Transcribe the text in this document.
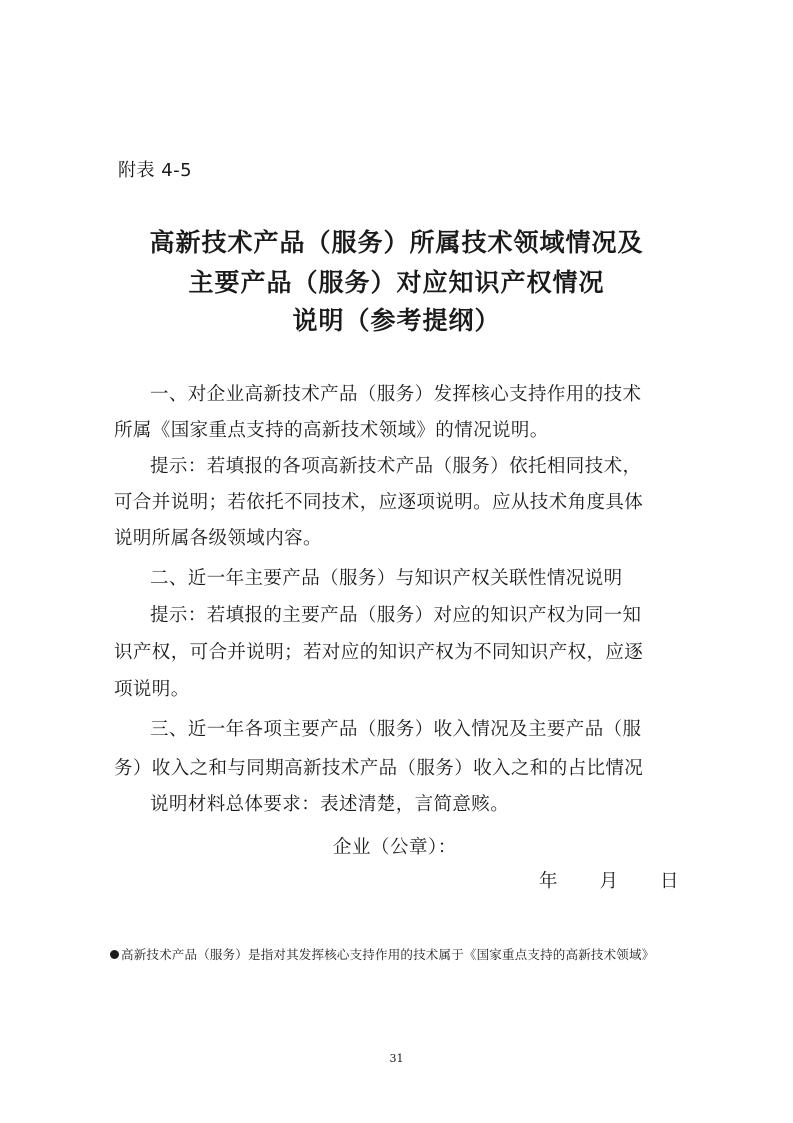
附表 4-5
高新技术产品（服务）所属技术领域情况及
主要产品（服务）对应知识产权情况
说明（参考提纲）
一、对企业高新技术产品（服务）发挥核心支持作用的技术
所属《国家重点支持的高新技术领域》的情况说明。
提示：若填报的各项高新技术产品（服务）依托相同技术，
可合并说明；若依托不同技术，应逐项说明。应从技术角度具体
说明所属各级领域内容。
二、近一年主要产品（服务）与知识产权关联性情况说明
提示：若填报的主要产品（服务）对应的知识产权为同一知
识产权，可合并说明；若对应的知识产权为不同知识产权，应逐
项说明。
三、近一年各项主要产品（服务）收入情况及主要产品（服
务）收入之和与同期高新技术产品（服务）收入之和的占比情况
说明材料总体要求：表述清楚，言简意赅。
企业（公章）：
年 月 日
高新技术产品（服务）是指对其发挥核心支持作用的技术属于《国家重点支持的高新技术领域》
31
